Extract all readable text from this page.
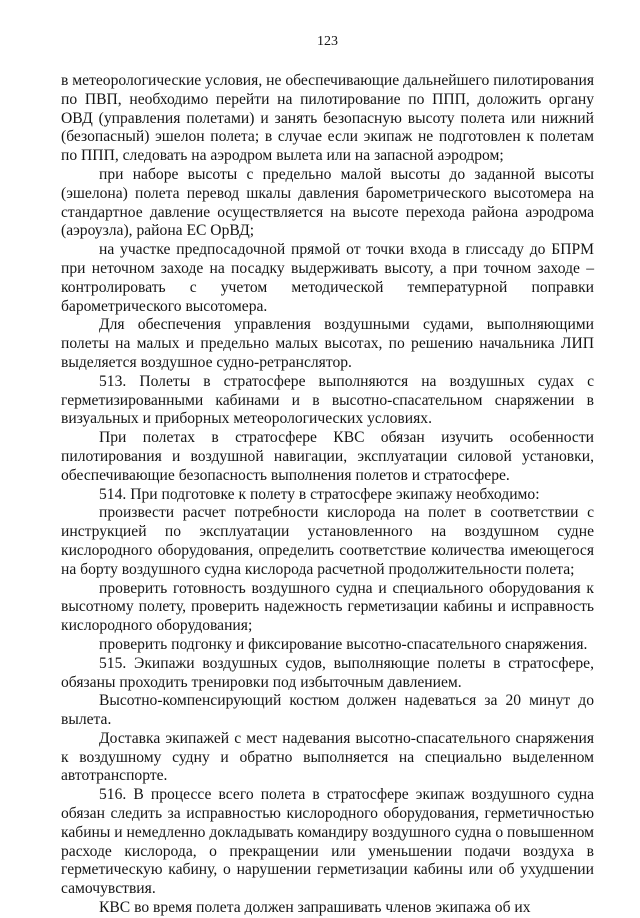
123

в метеорологические условия, не обеспечивающие дальнейшего пилотирования по ПВП, необходимо перейти на пилотирование по ППП, доложить органу ОВД (управления полетами) и занять безопасную высоту полета или нижний (безопасный) эшелон полета; в случае если экипаж не подготовлен к полетам по ППП, следовать на аэродром вылета или на запасной аэродром;

при наборе высоты с предельно малой высоты до заданной высоты (эшелона) полета перевод шкалы давления барометрического высотомера на стандартное давление осуществляется на высоте перехода района аэродрома (аэроузла), района ЕС ОрВД;

на участке предпосадочной прямой от точки входа в глиссаду до БПРМ при неточном заходе на посадку выдерживать высоту, а при точном заходе – контролировать с учетом методической температурной поправки барометрического высотомера.

Для обеспечения управления воздушными судами, выполняющими полеты на малых и предельно малых высотах, по решению начальника ЛИП выделяется воздушное судно-ретранслятор.

513. Полеты в стратосфере выполняются на воздушных судах с герметизированными кабинами и в высотно-спасательном снаряжении в визуальных и приборных метеорологических условиях.

При полетах в стратосфере КВС обязан изучить особенности пилотирования и воздушной навигации, эксплуатации силовой установки, обеспечивающие безопасность выполнения полетов и стратосфере.

514. При подготовке к полету в стратосфере экипажу необходимо:

произвести расчет потребности кислорода на полет в соответствии с инструкцией по эксплуатации установленного на воздушном судне кислородного оборудования, определить соответствие количества имеющегося на борту воздушного судна кислорода расчетной продолжительности полета;

проверить готовность воздушного судна и специального оборудования к высотному полету, проверить надежность герметизации кабины и исправность кислородного оборудования;

проверить подгонку и фиксирование высотно-спасательного снаряжения.

515. Экипажи воздушных судов, выполняющие полеты в стратосфере, обязаны проходить тренировки под избыточным давлением.

Высотно-компенсирующий костюм должен надеваться за 20 минут до вылета.

Доставка экипажей с мест надевания высотно-спасательного снаряжения к воздушному судну и обратно выполняется на специально выделенном автотранспорте.

516. В процессе всего полета в стратосфере экипаж воздушного судна обязан следить за исправностью кислородного оборудования, герметичностью кабины и немедленно докладывать командиру воздушного судна о повышенном расходе кислорода, о прекращении или уменьшении подачи воздуха в герметическую кабину, о нарушении герметизации кабины или об ухудшении самочувствия.

КВС во время полета должен запрашивать членов экипажа об их
